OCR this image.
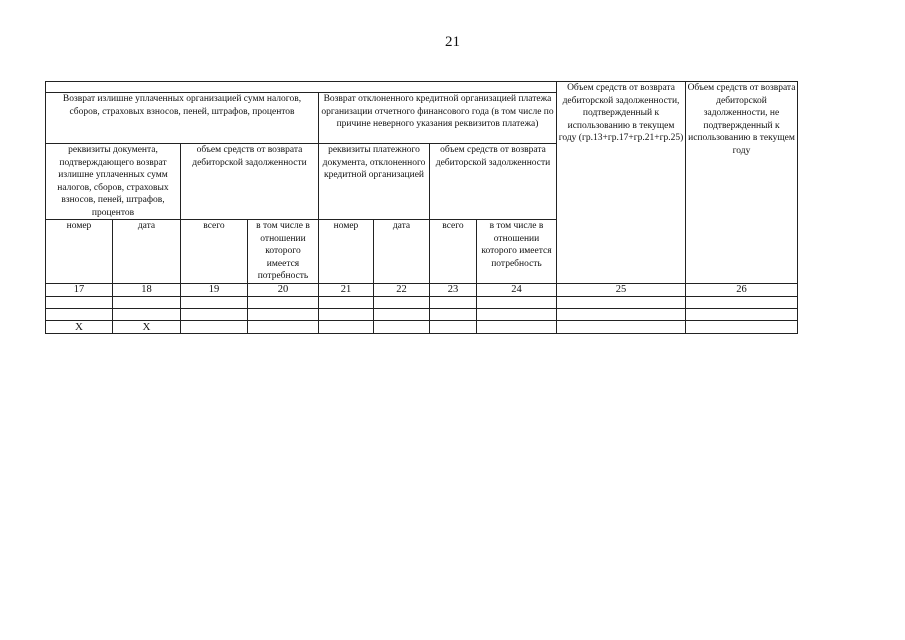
21
								Объем средств от возврата дебиторской задолженности, подтвержденный к использованию в текущем году (гр.13+гр.17+гр.21+гр.25)	Объем средств от возврата дебиторской задолженности, не подтвержденный к использованию в текущем году
Возврат излишне уплаченных организацией сумм налогов, сборов, страховых взносов, пеней, штрафов, процентов				Возврат отклоненного кредитной организацией платежа организации отчетного финансового года (в том числе по причине неверного указания реквизитов платежа)					
реквизиты документа, подтверждающего возврат излишне уплаченных сумм налогов, сборов, страховых взносов, пеней, штрафов, процентов		объем средств от возврата дебиторской задолженности		реквизиты платежного документа, отклоненного кредитной организацией		объем средств от возврата дебиторской задолженности			
номер	дата	всего	в том числе в отношении которого имеется потребность	номер	дата	всего	в том числе в отношении которого имеется потребность		
17	18	19	20	21	22	23	24	25	26

Х	Х								
